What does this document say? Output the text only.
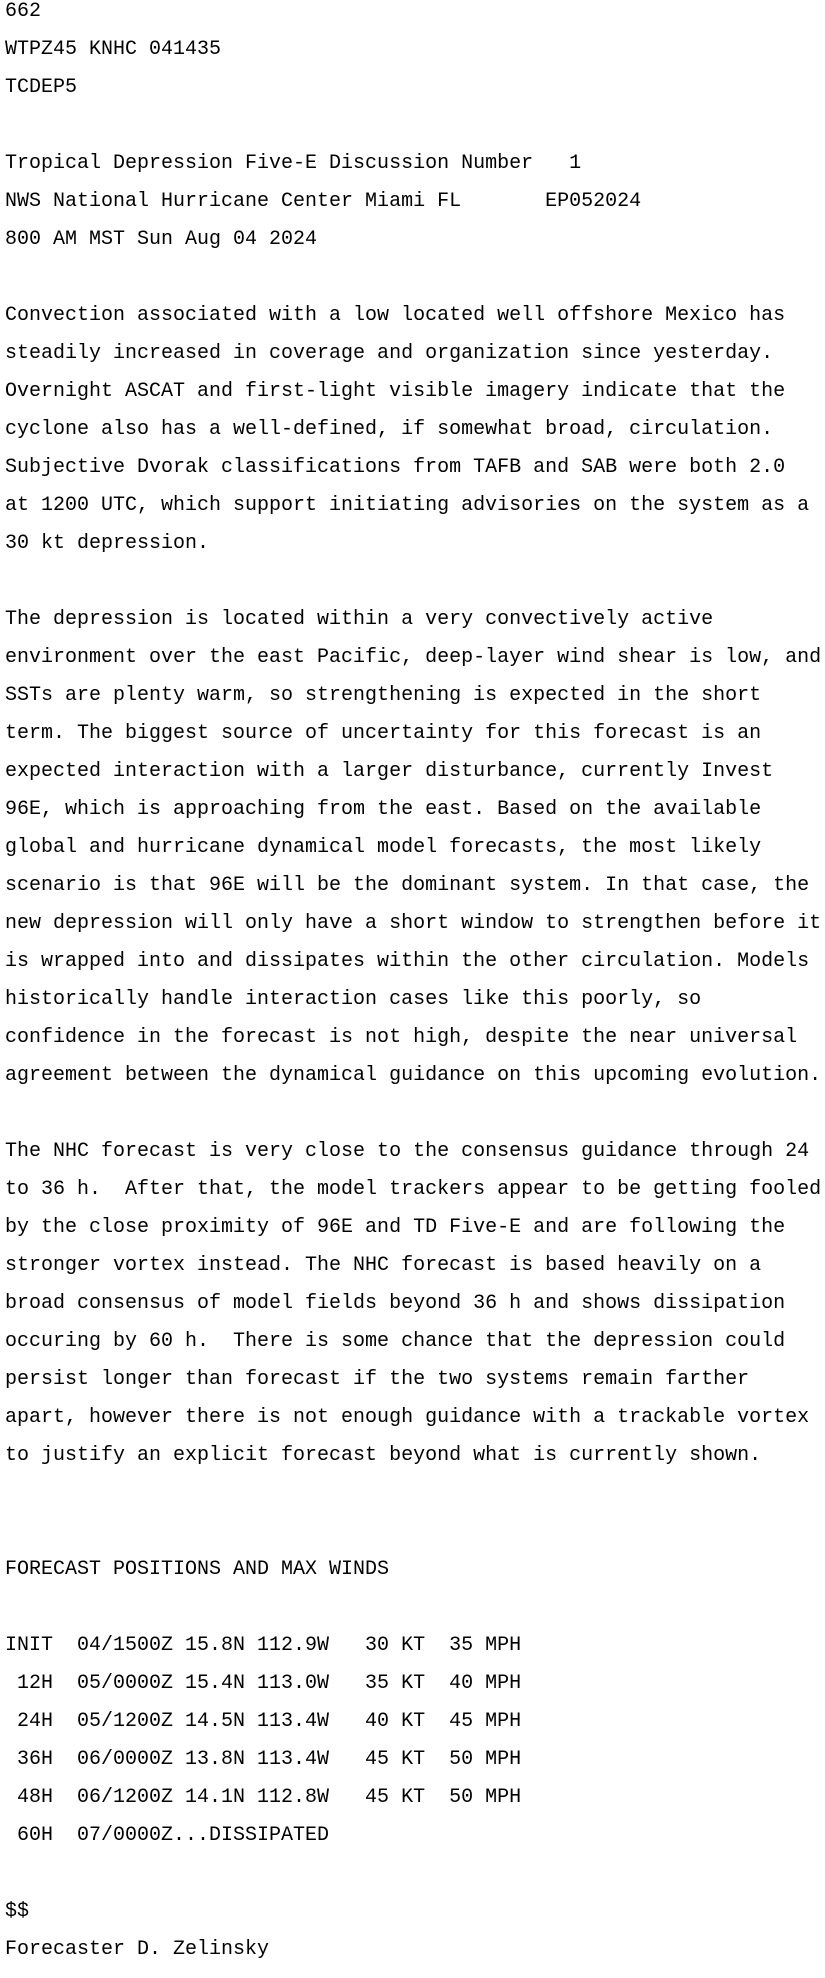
662

WTPZ45 KNHC 041435

TCDEP5

Tropical Depression Five-E Discussion Number   1

NWS National Hurricane Center Miami FL       EP052024

800 AM MST Sun Aug 04 2024

Convection associated with a low located well offshore Mexico has

steadily increased in coverage and organization since yesterday.

Overnight ASCAT and first-light visible imagery indicate that the

cyclone also has a well-defined, if somewhat broad, circulation.

Subjective Dvorak classifications from TAFB and SAB were both 2.0

at 1200 UTC, which support initiating advisories on the system as a

30 kt depression.

The depression is located within a very convectively active

environment over the east Pacific, deep-layer wind shear is low, and

SSTs are plenty warm, so strengthening is expected in the short

term. The biggest source of uncertainty for this forecast is an

expected interaction with a larger disturbance, currently Invest

96E, which is approaching from the east. Based on the available

global and hurricane dynamical model forecasts, the most likely

scenario is that 96E will be the dominant system. In that case, the

new depression will only have a short window to strengthen before it

is wrapped into and dissipates within the other circulation. Models

historically handle interaction cases like this poorly, so

confidence in the forecast is not high, despite the near universal

agreement between the dynamical guidance on this upcoming evolution.

The NHC forecast is very close to the consensus guidance through 24

to 36 h.  After that, the model trackers appear to be getting fooled

by the close proximity of 96E and TD Five-E and are following the

stronger vortex instead. The NHC forecast is based heavily on a

broad consensus of model fields beyond 36 h and shows dissipation

occuring by 60 h.  There is some chance that the depression could

persist longer than forecast if the two systems remain farther

apart, however there is not enough guidance with a trackable vortex

to justify an explicit forecast beyond what is currently shown.

FORECAST POSITIONS AND MAX WINDS

INIT  04/1500Z 15.8N 112.9W   30 KT  35 MPH

12H  05/0000Z 15.4N 113.0W   35 KT  40 MPH

24H  05/1200Z 14.5N 113.4W   40 KT  45 MPH

36H  06/0000Z 13.8N 113.4W   45 KT  50 MPH

48H  06/1200Z 14.1N 112.8W   45 KT  50 MPH

60H  07/0000Z...DISSIPATED

$$

Forecaster D. Zelinsky
